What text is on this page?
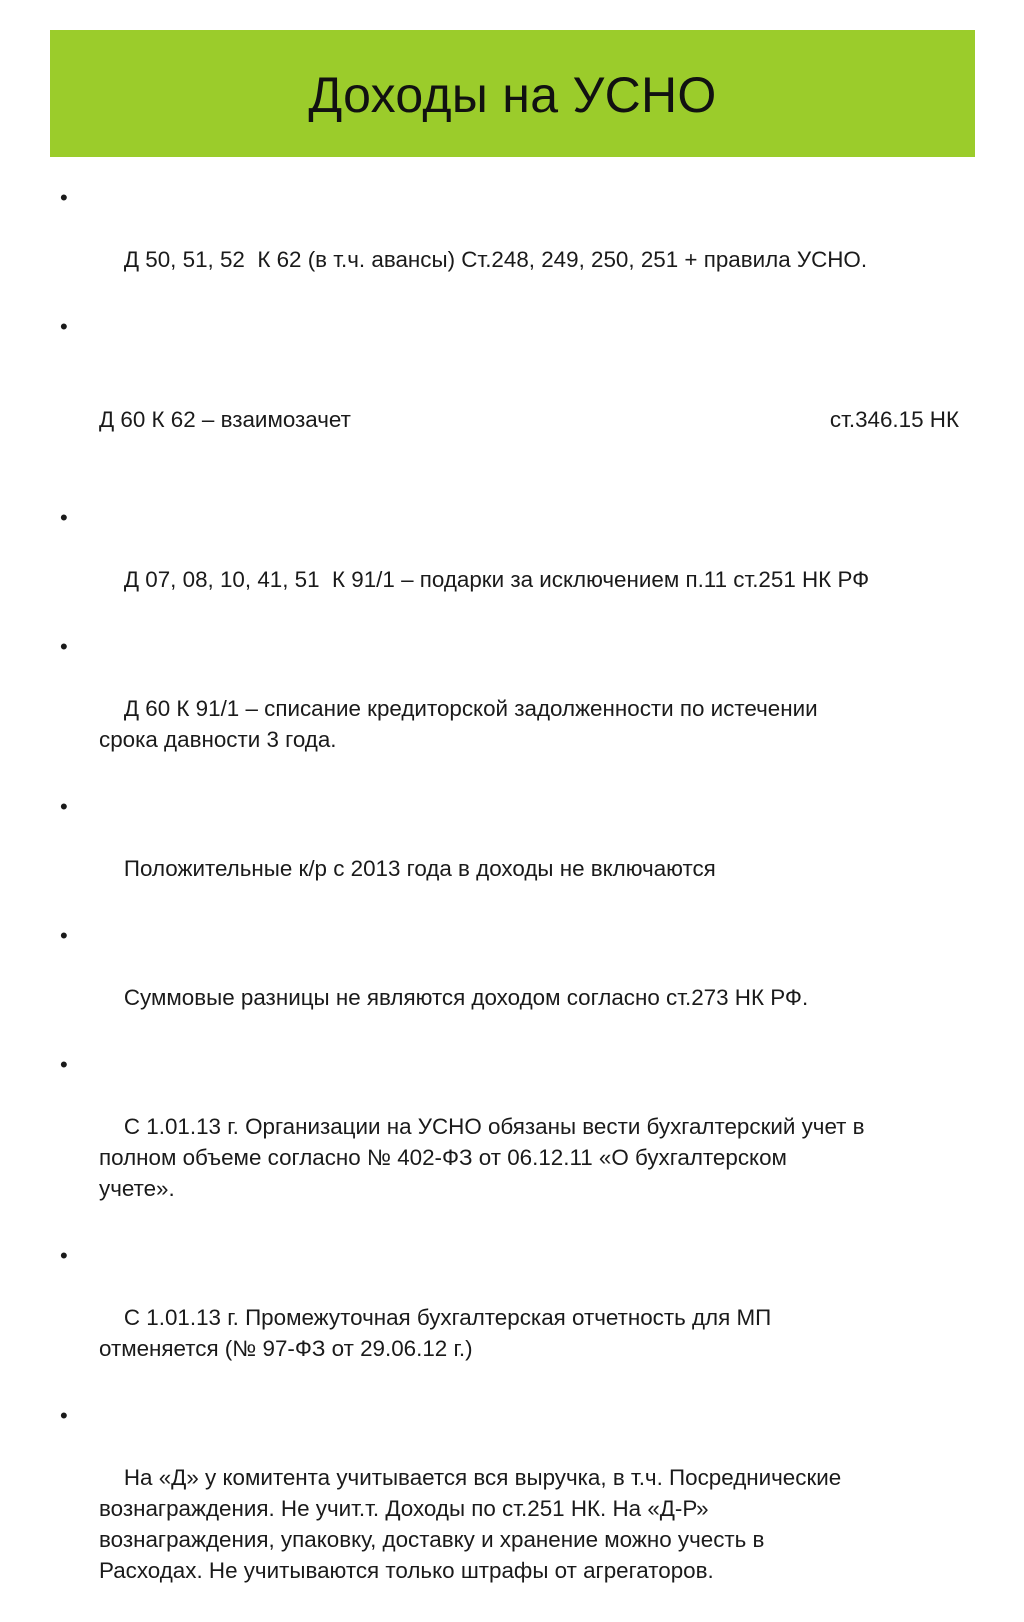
Доходы на УСНО

•

Д 50, 51, 52  К 62 (в т.ч. авансы) Ст.248, 249, 250, 251 + правила УСНО.

•

Д 60 К 62 – взаимозачет	ст.346.15 НК

•

Д 07, 08, 10, 41, 51  К 91/1 – подарки за исключением п.11 ст.251 НК РФ

•

Д 60 К 91/1 – списание кредиторской задолженности по истечении
срока давности 3 года.

•

Положительные к/р с 2013 года в доходы не включаются

•

Суммовые разницы не являются доходом согласно ст.273 НК РФ.

•

С 1.01.13 г. Организации на УСНО обязаны вести бухгалтерский учет в
полном объеме согласно № 402-ФЗ от 06.12.11 «О бухгалтерском
учете».

•

С 1.01.13 г. Промежуточная бухгалтерская отчетность для МП
отменяется (№ 97-ФЗ от 29.06.12 г.)

•

На «Д» у комитента учитывается вся выручка, в т.ч. Посреднические
вознаграждения. Не учит.т. Доходы по ст.251 НК. На «Д-Р»
вознаграждения, упаковку, доставку и хранение можно учесть в
Расходах. Не учитываются только штрафы от агрегаторов.
